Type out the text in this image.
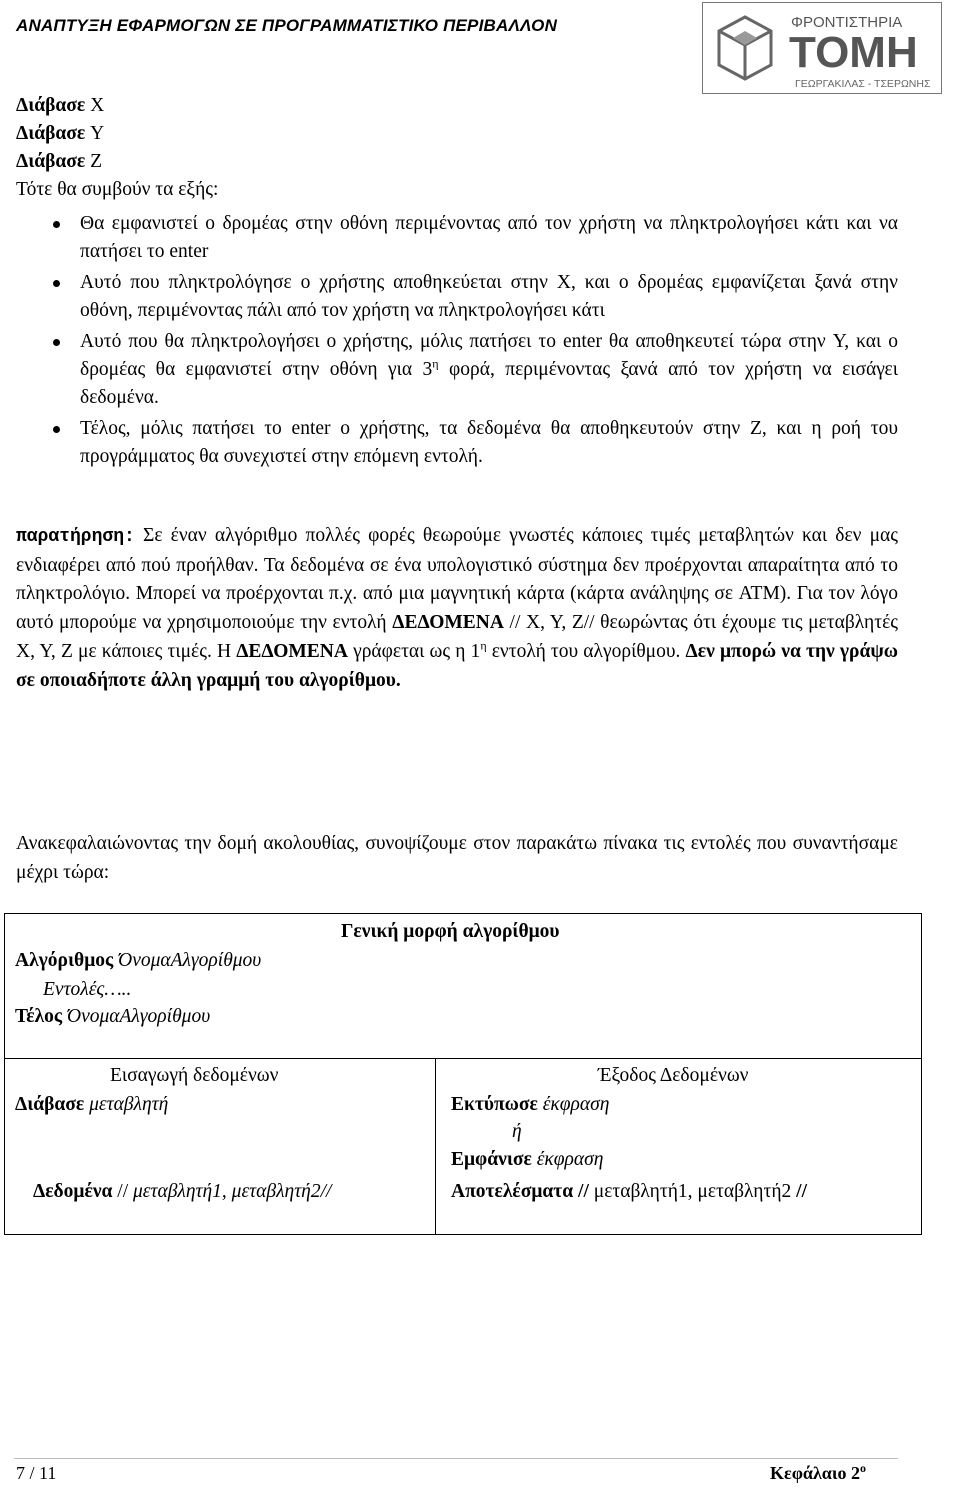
ΑΝΑΠΤΥΞΗ ΕΦΑΡΜΟΓΩΝ ΣΕ ΠΡΟΓΡΑΜΜΑΤΙΣΤΙΚΟ ΠΕΡΙΒΑΛΛΟΝ	ΦΡΟΝΤΙΣΤΗΡΙΑ
ΤΟΜΗ
ΓΕΩΡΓΑΚΙΛΑΣ - ΤΣΕΡΩΝΗΣ

Διάβασε X

Διάβασε Y

Διάβασε Z

Τότε θα συμβούν τα εξής:

Θα εμφανιστεί ο δρομέας στην οθόνη περιμένοντας από τον χρήστη να πληκτρολογήσει κάτι και να πατήσει το enter
Αυτό που πληκτρολόγησε ο χρήστης αποθηκεύεται στην X, και ο δρομέας εμφανίζεται ξανά στην οθόνη, περιμένοντας πάλι από τον χρήστη να πληκτρολογήσει κάτι
Αυτό που θα πληκτρολογήσει ο χρήστης, μόλις πατήσει το enter θα αποθηκευτεί τώρα στην Y, και ο δρομέας θα εμφανιστεί στην οθόνη για $3^\eta$ φορά, περιμένοντας ξανά από τον χρήστη να εισάγει δεδομένα.
Τέλος, μόλις πατήσει το enter ο χρήστης, τα δεδομένα θα αποθηκευτούν στην Z, και η ροή του προγράμματος θα συνεχιστεί στην επόμενη εντολή.
παρατήρηση: Σε έναν αλγόριθμο πολλές φορές θεωρούμε γνωστές κάποιες τιμές μεταβλητών και δεν μας ενδιαφέρει από πού προήλθαν. Τα δεδομένα σε ένα υπολογιστικό σύστημα δεν προέρχονται απαραίτητα από το πληκτρολόγιο. Μπορεί να προέρχονται π.χ. από μια μαγνητική κάρτα (κάρτα ανάληψης σε ATM). Για τον λόγο αυτό μπορούμε να χρησιμοποιούμε την εντολή ΔΕΔΟΜΕΝΑ // X, Y, Z// θεωρώντας ότι έχουμε τις μεταβλητές X, Y, Z με κάποιες τιμές. Η ΔΕΔΟΜΕΝΑ γράφεται ως η $1^\eta$ εντολή του αλγορίθμου. Δεν μπορώ να την γράψω σε οποιαδήποτε άλλη γραμμή του αλγορίθμου.
Ανακεφαλαιώνοντας την δομή ακολουθίας, συνοψίζουμε στον παρακάτω πίνακα τις εντολές που συναντήσαμε μέχρι τώρα:
Γενική μορφή αλγορίθμου
Αλγόριθμος ΌνομαΑλγορίθμου
Εντολές…..
Τέλος ΌνομαΑλγορίθμου
Εισαγωγή δεδομένων	Έξοδος Δεδομένων
Διάβασε μεταβλητή	Εκτύπωσε έκφραση
ή
Εμφάνισε έκφραση
Δεδομένα // μεταβλητή1, μεταβλητή2//	Αποτελέσματα // μεταβλητή1, μεταβλητή2 //
7 / 11	Κεφάλαιο $2^o$
